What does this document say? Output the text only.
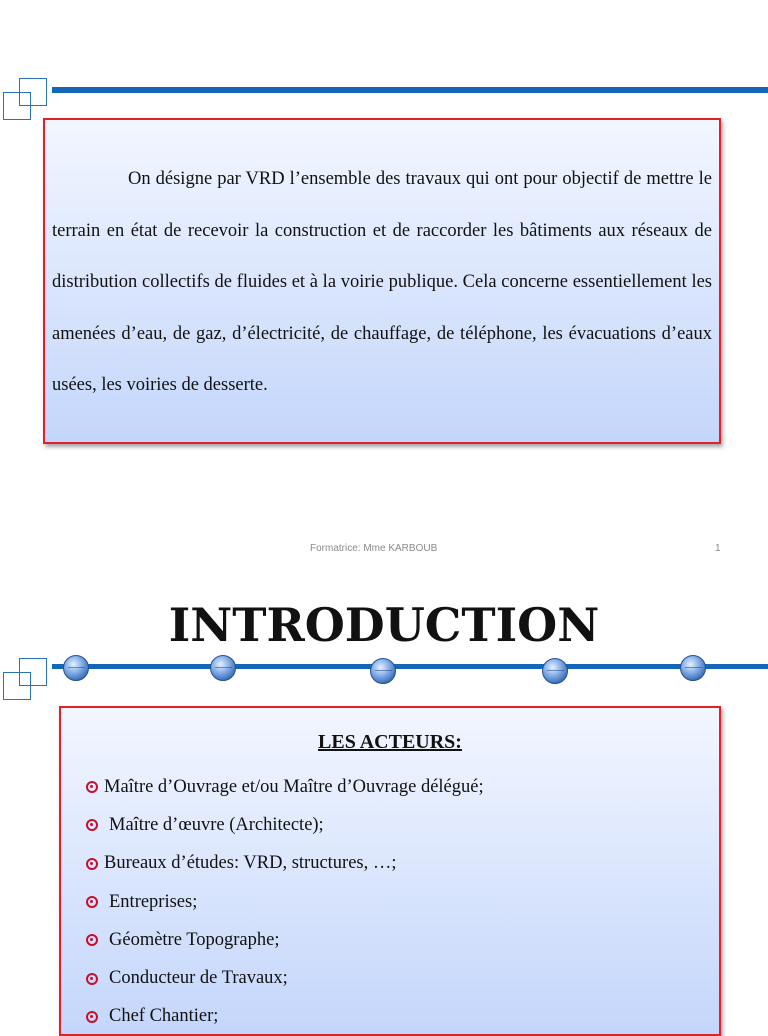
On désigne par VRD l’ensemble des travaux qui ont pour objectif de mettre le terrain en état de recevoir la construction et de raccorder les bâtiments aux réseaux de distribution collectifs de fluides et à la voirie publique. Cela concerne essentiellement les amenées d’eau, de gaz, d’électricité, de chauffage, de téléphone, les évacuations d’eaux usées, les voiries de desserte.

Formatrice: Mme KARBOUB	1
INTRODUCTION
LES ACTEURS:
Maître d’Ouvrage et/ou Maître d’Ouvrage délégué;
Maître d’œuvre (Architecte);
Bureaux d’études: VRD, structures, …;
Entreprises;
Géomètre Topographe;
Conducteur de Travaux;
Chef Chantier;
